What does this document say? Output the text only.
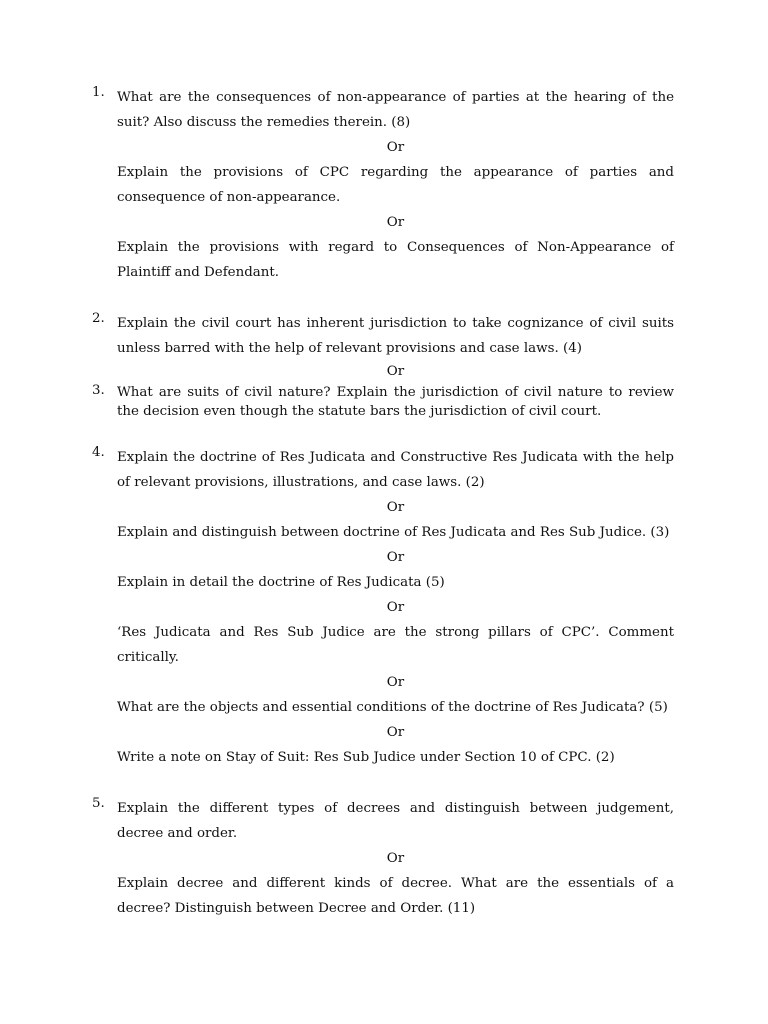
1. What are the consequences of non-appearance of parties at the hearing of the suit? Also discuss the remedies therein. (8)
Or
Explain the provisions of CPC regarding the appearance of parties and consequence of non-appearance.
Or
Explain the provisions with regard to Consequences of Non-Appearance of Plaintiff and Defendant.
2. Explain the civil court has inherent jurisdiction to take cognizance of civil suits unless barred with the help of relevant provisions and case laws. (4)
Or
3. What are suits of civil nature? Explain the jurisdiction of civil nature to review the decision even though the statute bars the jurisdiction of civil court.
4. Explain the doctrine of Res Judicata and Constructive Res Judicata with the help of relevant provisions, illustrations, and case laws. (2)
Or
Explain and distinguish between doctrine of Res Judicata and Res Sub Judice. (3)
Or
Explain in detail the doctrine of Res Judicata (5)
Or
‘Res Judicata and Res Sub Judice are the strong pillars of CPC’. Comment critically.
Or
What are the objects and essential conditions of the doctrine of Res Judicata? (5)
Or
Write a note on Stay of Suit: Res Sub Judice under Section 10 of CPC. (2)
5. Explain the different types of decrees and distinguish between judgement, decree and order.
Or
Explain decree and different kinds of decree. What are the essentials of a decree? Distinguish between Decree and Order. (11)
